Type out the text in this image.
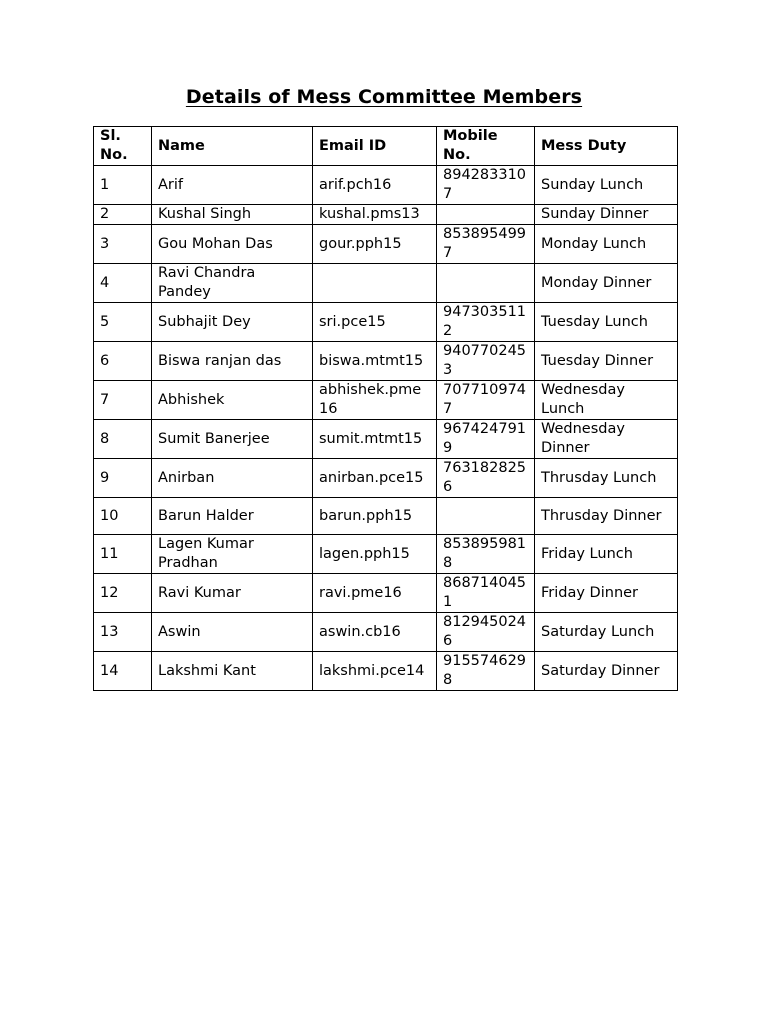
Details of Mess Committee Members
Sl. No.	Name	Email ID	Mobile No.	Mess Duty
1	Arif	arif.pch16	8942833107	Sunday Lunch
2	Kushal Singh	kushal.pms13		Sunday Dinner
3	Gou Mohan Das	gour.pph15	8538954997	Monday Lunch
4	Ravi Chandra Pandey			Monday Dinner
5	Subhajit Dey	sri.pce15	9473035112	Tuesday Lunch
6	Biswa ranjan das	biswa.mtmt15	9407702453	Tuesday Dinner
7	Abhishek	abhishek.pme16	7077109747	Wednesday Lunch
8	Sumit Banerjee	sumit.mtmt15	9674247919	Wednesday Dinner
9	Anirban	anirban.pce15	7631828256	Thrusday Lunch
10	Barun Halder	barun.pph15		Thrusday Dinner
11	Lagen Kumar Pradhan	lagen.pph15	8538959818	Friday Lunch
12	Ravi Kumar	ravi.pme16	8687140451	Friday Dinner
13	Aswin	aswin.cb16	8129450246	Saturday Lunch
14	Lakshmi Kant	lakshmi.pce14	9155746298	Saturday Dinner
